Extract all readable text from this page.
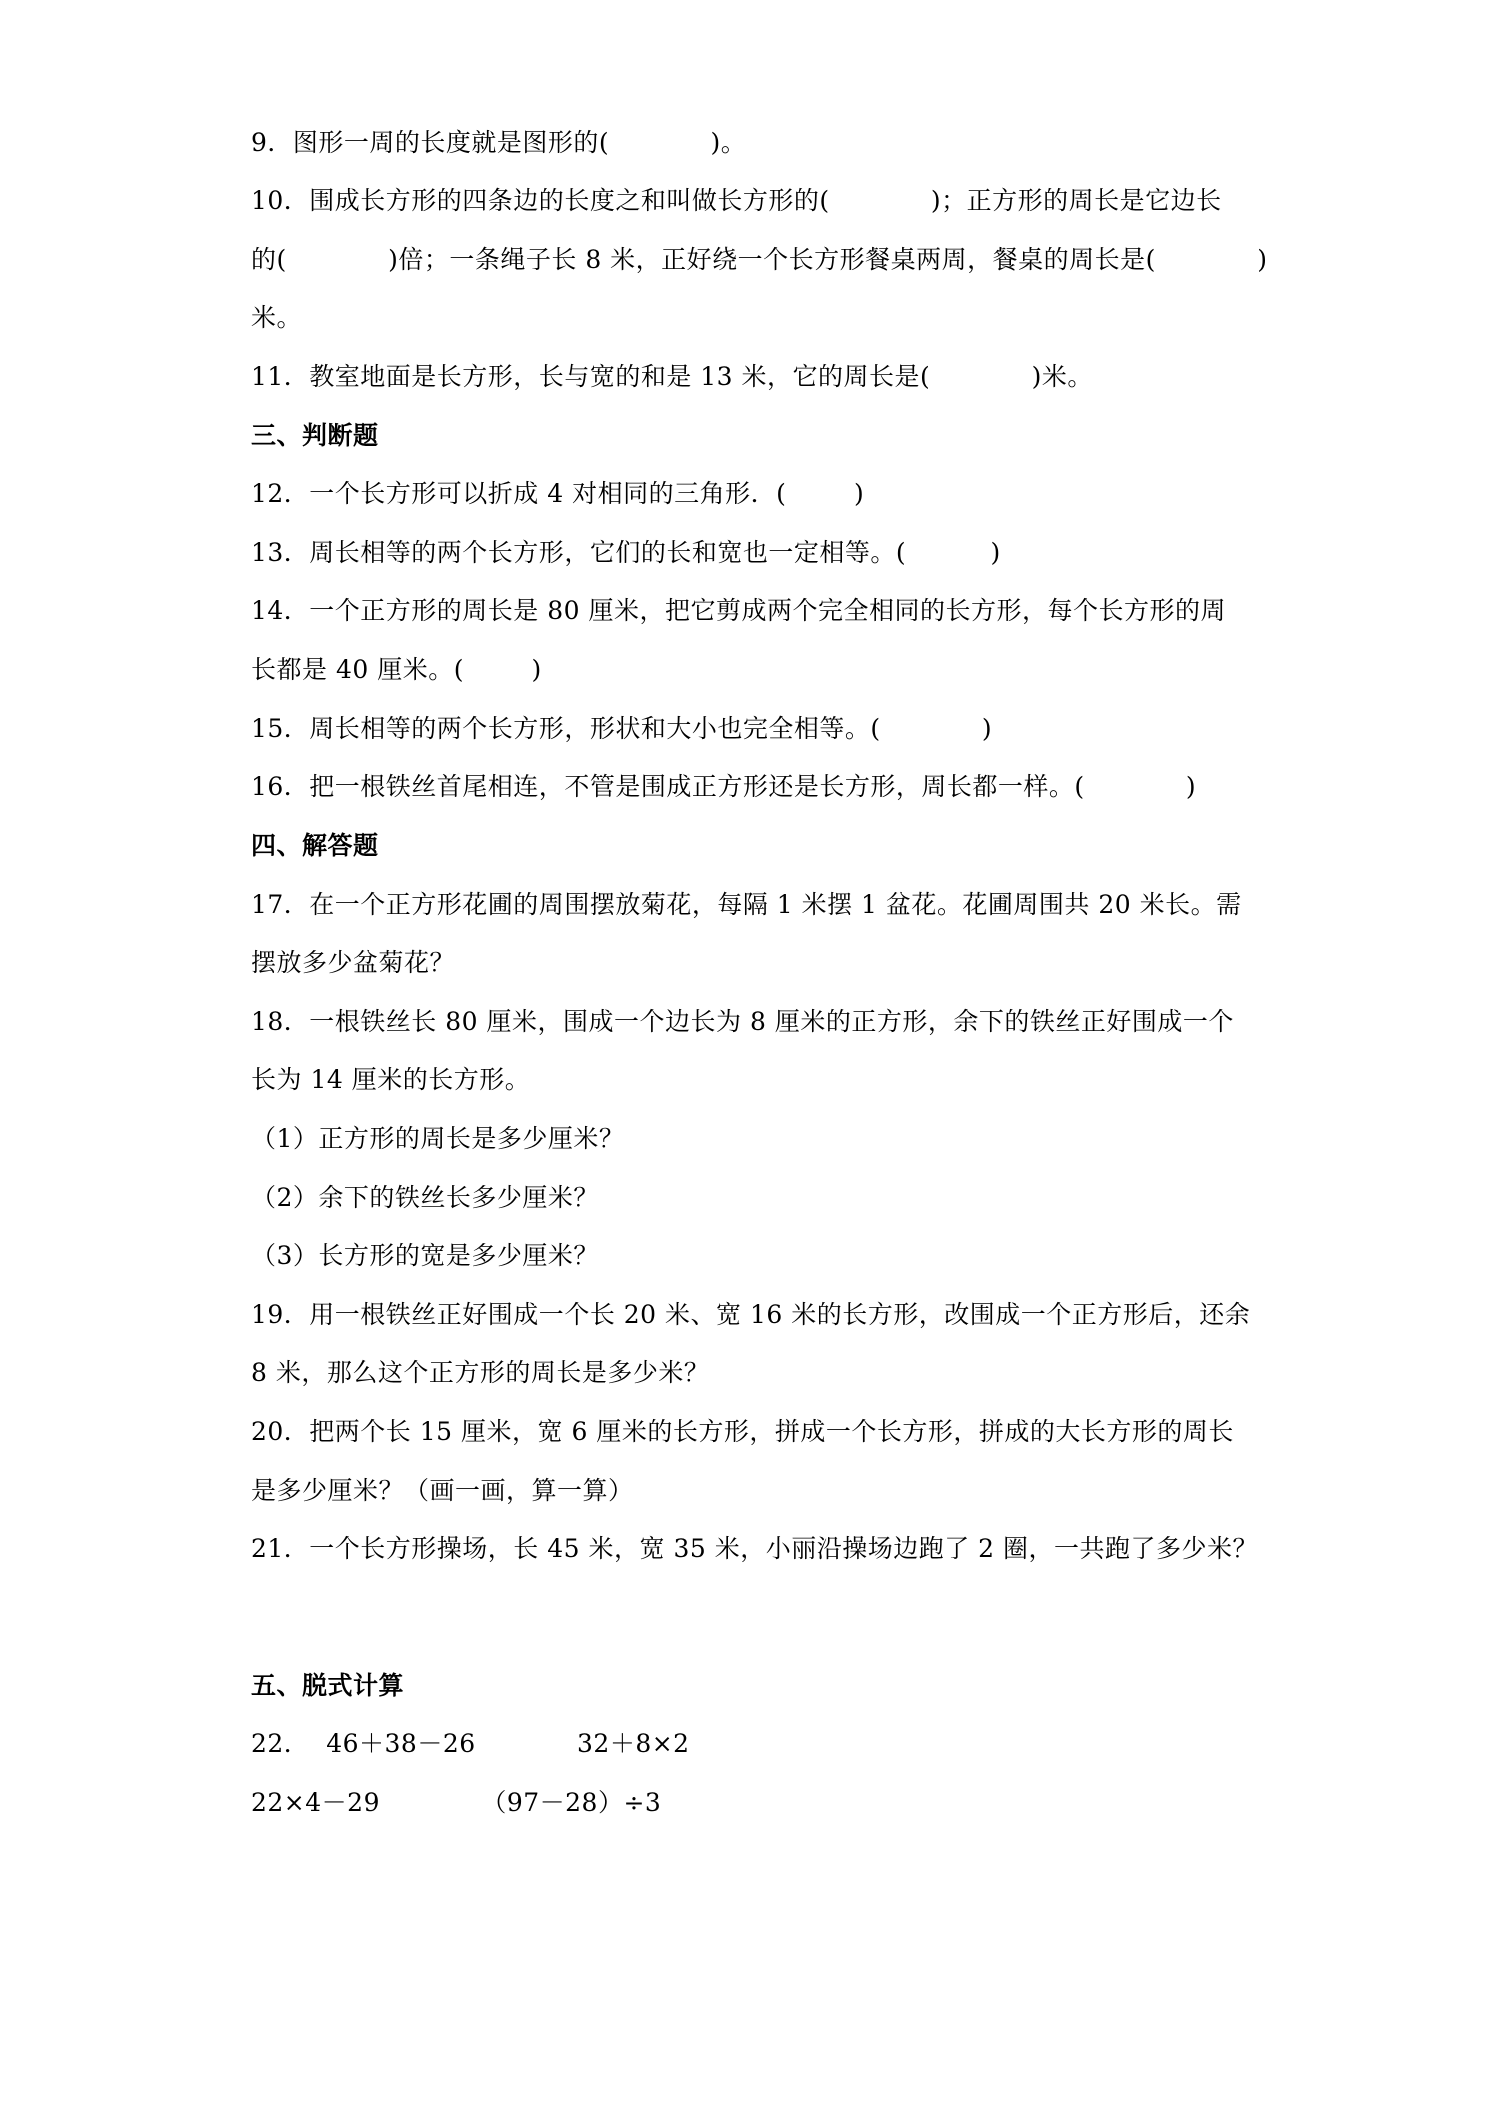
9．图形一周的长度就是图形的(            )。
10．围成长方形的四条边的长度之和叫做长方形的(            )；正方形的周长是它边长
的(            )倍；一条绳子长 8 米，正好绕一个长方形餐桌两周，餐桌的周长是(            )
米。
11．教室地面是长方形，长与宽的和是 13 米，它的周长是(            )米。
三、判断题
12．一个长方形可以折成 4 对相同的三角形．(        )
13．周长相等的两个长方形，它们的长和宽也一定相等。(          )
14．一个正方形的周长是 80 厘米，把它剪成两个完全相同的长方形，每个长方形的周
长都是 40 厘米。(        )
15．周长相等的两个长方形，形状和大小也完全相等。(            )
16．把一根铁丝首尾相连，不管是围成正方形还是长方形，周长都一样。(            )
四、解答题
17．在一个正方形花圃的周围摆放菊花，每隔 1 米摆 1 盆花。花圃周围共 20 米长。需
摆放多少盆菊花？
18．一根铁丝长 80 厘米，围成一个边长为 8 厘米的正方形，余下的铁丝正好围成一个
长为 14 厘米的长方形。
（1）正方形的周长是多少厘米？
（2）余下的铁丝长多少厘米？
（3）长方形的宽是多少厘米？
19．用一根铁丝正好围成一个长 20 米、宽 16 米的长方形，改围成一个正方形后，还余
8 米，那么这个正方形的周长是多少米？
20．把两个长 15 厘米，宽 6 厘米的长方形，拼成一个长方形，拼成的大长方形的周长
是多少厘米？（画一画，算一算）
21．一个长方形操场，长 45 米，宽 35 米，小丽沿操场边跑了 2 圈，一共跑了多少米？
五、脱式计算
22．  46＋38－26            32＋8×2
22×4－29            （97－28）÷3
